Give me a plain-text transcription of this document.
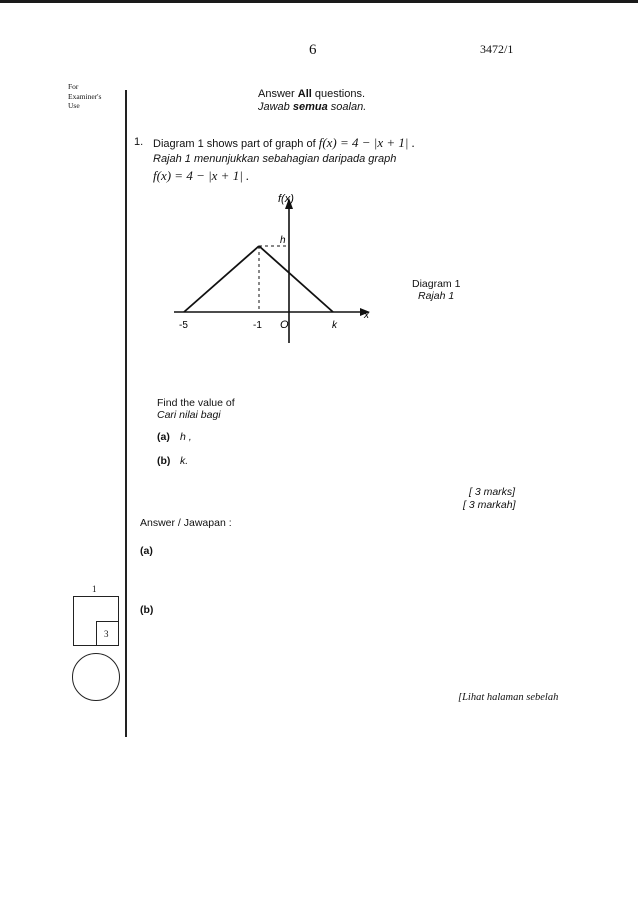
6	3472/1
For
Examiner's
Use
Answer All questions.
Jawab semua soalan.
1. Diagram 1 shows part of graph of f(x) = 4 − |x + 1| .
Rajah 1 menunjukkan sebahagian daripada graph
f(x) = 4 − |x + 1| .
f(x)
h
x
-5	-1 O	k
Diagram 1
Rajah 1
Find the value of
Cari nilai bagi
(a) h ,
(b) k.
[ 3 marks]
[ 3 markah]
Answer / Jawapan :
(a)
(b)
1
3
[Lihat halaman sebelah
